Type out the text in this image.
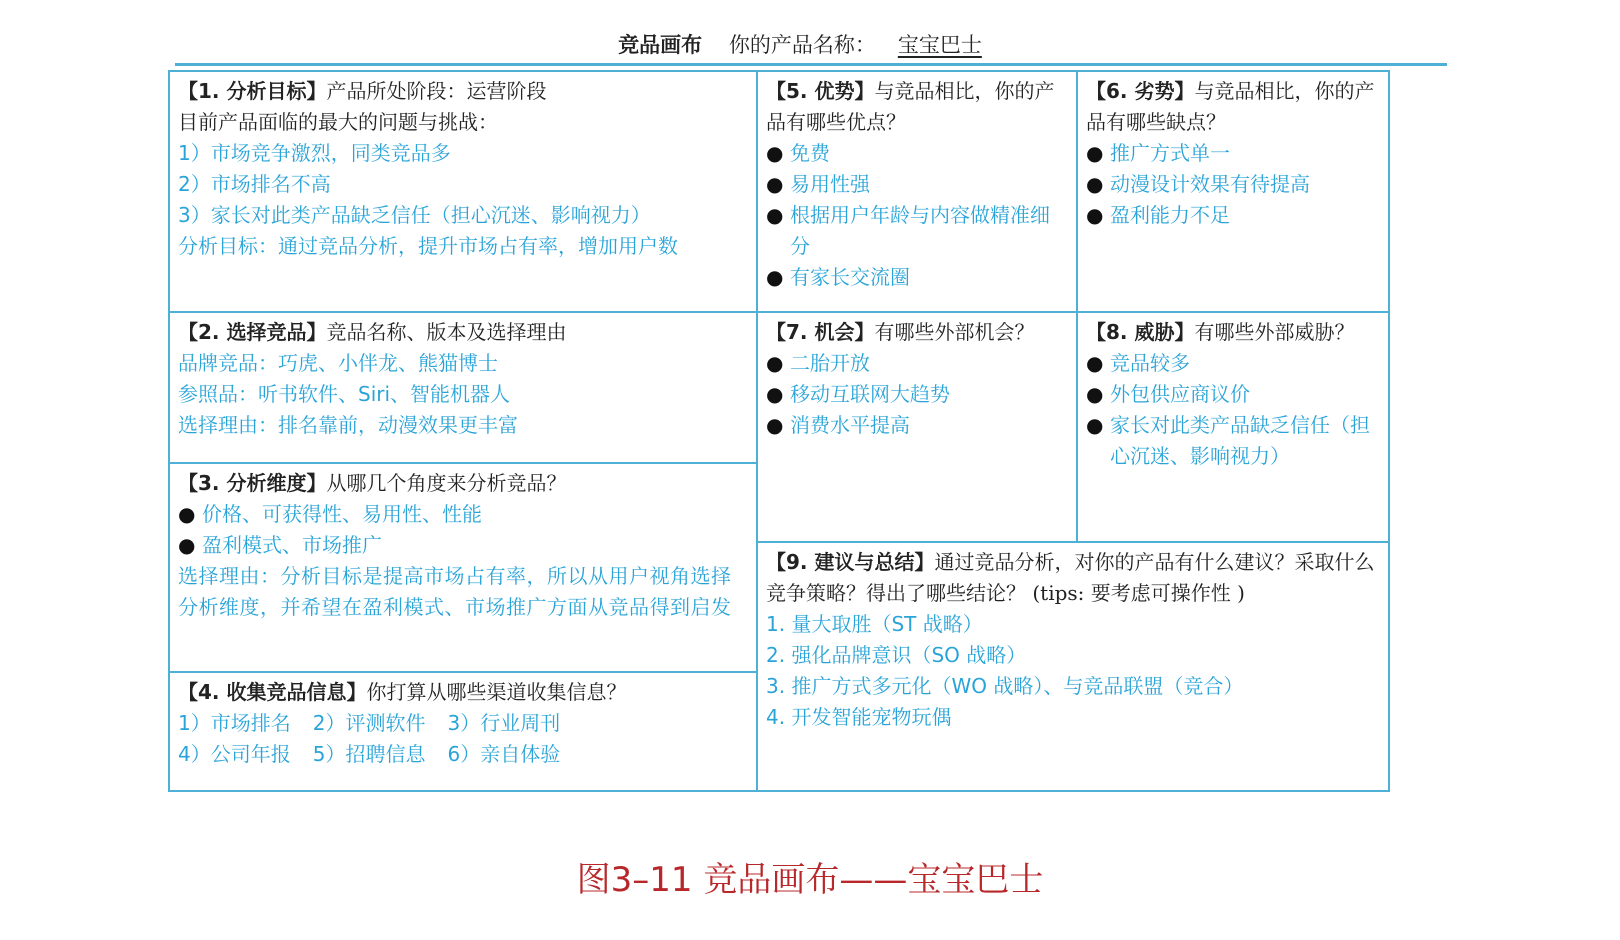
竞品画布 你的产品名称： 宝宝巴士
【1. 分析目标】产品所处阶段：运营阶段
目前产品面临的最大的问题与挑战：
1）市场竞争激烈，同类竞品多
2）市场排名不高
3）家长对此类产品缺乏信任（担心沉迷、影响视力）
分析目标：通过竞品分析，提升市场占有率，增加用户数
【2. 选择竞品】竞品名称、版本及选择理由
品牌竞品：巧虎、小伴龙、熊猫博士
参照品：听书软件、Siri、智能机器人
选择理由：排名靠前，动漫效果更丰富
【3. 分析维度】从哪几个角度来分析竞品？
● 价格、可获得性、易用性、性能
● 盈利模式、市场推广
选择理由：分析目标是提高市场占有率，所以从用户视角选择分析维度，并希望在盈利模式、市场推广方面从竞品得到启发
【4. 收集竞品信息】你打算从哪些渠道收集信息？
1）市场排名 2）评测软件 3）行业周刊
4）公司年报 5）招聘信息 6）亲自体验
【5. 优势】与竞品相比，你的产品有哪些优点？
● 免费
● 易用性强
● 根据用户年龄与内容做精准细分
● 有家长交流圈
【6. 劣势】与竞品相比，你的产品有哪些缺点？
● 推广方式单一
● 动漫设计效果有待提高
● 盈利能力不足
【7. 机会】有哪些外部机会？
● 二胎开放
● 移动互联网大趋势
● 消费水平提高
【8. 威胁】有哪些外部威胁？
● 竞品较多
● 外包供应商议价
● 家长对此类产品缺乏信任（担心沉迷、影响视力）
【9. 建议与总结】通过竞品分析，对你的产品有什么建议？采取什么竞争策略？得出了哪些结论？ (tips: 要考虑可操作性 )
1. 量大取胜（ST 战略）
2. 强化品牌意识（SO 战略）
3. 推广方式多元化（WO 战略）、与竞品联盟（竞合）
4. 开发智能宠物玩偶
图3–11 竞品画布——宝宝巴士
